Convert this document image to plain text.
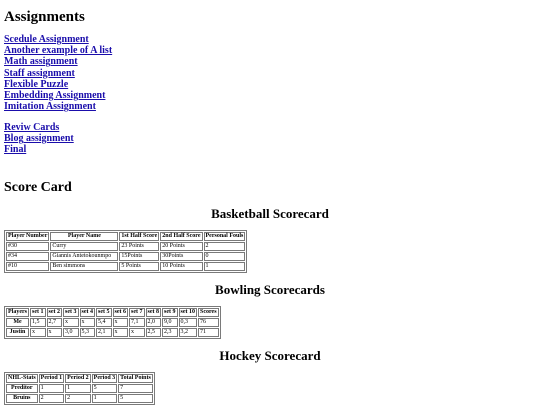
Assignments
Scedule Assignment
Another example of A list
Math assignment
Staff assignment
Flexible Puzzle
Embedding Assignment
Imitation Assignment
Reviw Cards
Blog assignment
Final
Score Card
Basketball Scorecard
Player Number	Player Name	1st Half Score	2nd Half Score	Personal Fouls
#30	Curry	23 Points	20 Points	2
#34	Giannis Antetokounmpo	15Points	30Points	0
#10	Ben simmons	5 Points	10 Points	1
Bowling Scorecards
Players	set 1	set 2	set 3	set 4	set 5	set 6	set 7	set 8	set 9	set 10	Scores
Me	1,5	2,7	x	x	5,4	x	7,1	2,0	9,0	0,3	76
Justin	x	x	3,0	5,3	2,1	x	x	2,5	2,3	3,2	71
Hockey Scorecard
NHL-Stats	Period 1	Period 2	Period 3	Total Points
Preditor	1	1	5	7
Bruins	2	2	1	5
